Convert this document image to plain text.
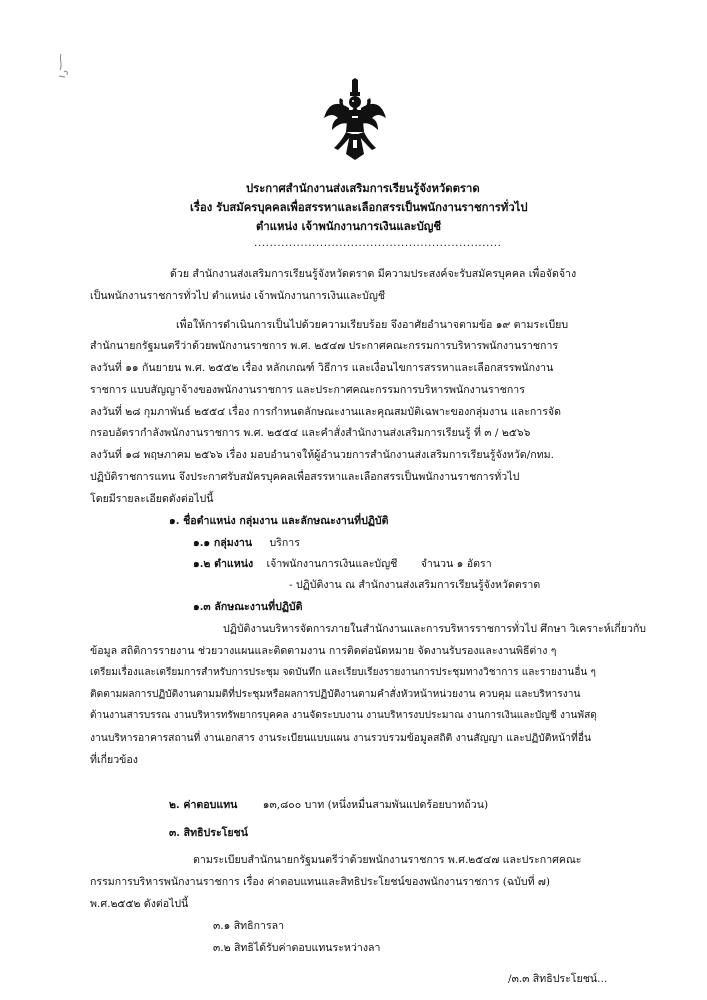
ประกาศสำนักงานส่งเสริมการเรียนรู้จังหวัดตราด
เรื่อง รับสมัครบุคคลเพื่อสรรหาและเลือกสรรเป็นพนักงานราชการทั่วไป
ตำแหน่ง เจ้าพนักงานการเงินและบัญชี
................................................................
ด้วย สำนักงานส่งเสริมการเรียนรู้จังหวัดตราด มีความประสงค์จะรับสมัครบุคคล เพื่อจัดจ้าง
เป็นพนักงานราชการทั่วไป ตำแหน่ง เจ้าพนักงานการเงินและบัญชี
เพื่อให้การดำเนินการเป็นไปด้วยความเรียบร้อย จึงอาศัยอำนาจตามข้อ ๑๙ ตามระเบียบ
สำนักนายกรัฐมนตรีว่าด้วยพนักงานราชการ พ.ศ. ๒๕๔๗ ประกาศคณะกรรมการบริหารพนักงานราชการ
ลงวันที่ ๑๑ กันยายน พ.ศ. ๒๕๕๒ เรื่อง หลักเกณฑ์ วิธีการ และเงื่อนไขการสรรหาและเลือกสรรพนักงาน
ราชการ แบบสัญญาจ้างของพนักงานราชการ และประกาศคณะกรรมการบริหารพนักงานราชการ
ลงวันที่ ๒๘ กุมภาพันธ์ ๒๕๕๔ เรื่อง การกำหนดลักษณะงานและคุณสมบัติเฉพาะของกลุ่มงาน และการจัด
กรอบอัตรากำลังพนักงานราชการ พ.ศ. ๒๕๕๔ และคำสั่งสำนักงานส่งเสริมการเรียนรู้ ที่ ๓ / ๒๕๖๖
ลงวันที่ ๑๘ พฤษภาคม ๒๕๖๖ เรื่อง มอบอำนาจให้ผู้อำนวยการสำนักงานส่งเสริมการเรียนรู้จังหวัด/กทม.
ปฏิบัติราชการแทน จึงประกาศรับสมัครบุคคลเพื่อสรรหาและเลือกสรรเป็นพนักงานราชการทั่วไป
โดยมีรายละเอียดดังต่อไปนี้
๑. ชื่อตำแหน่ง กลุ่มงาน และลักษณะงานที่ปฏิบัติ
๑.๑ กลุ่มงาน บริการ
๑.๒ ตำแหน่ง เจ้าพนักงานการเงินและบัญชี จำนวน ๑ อัตรา
- ปฏิบัติงาน ณ สำนักงานส่งเสริมการเรียนรู้จังหวัดตราด
๑.๓ ลักษณะงานที่ปฏิบัติ
ปฏิบัติงานบริหารจัดการภายในสำนักงานและการบริหารราชการทั่วไป ศึกษา วิเคราะห์เกี่ยวกับ
ข้อมูล สถิติการรายงาน ช่วยวางแผนและติดตามงาน การติดต่อนัดหมาย จัดงานรับรองและงานพิธีต่าง ๆ
เตรียมเรื่องและเตรียมการสำหรับการประชุม จดบันทึก และเรียบเรียงรายงานการประชุมทางวิชาการ และรายงานอื่น ๆ
ติดตามผลการปฏิบัติงานตามมติที่ประชุมหรือผลการปฏิบัติงานตามคำสั่งหัวหน้าหน่วยงาน ควบคุม และบริหารงาน
ด้านงานสารบรรณ งานบริหารทรัพยากรบุคคล งานจัดระบบงาน งานบริหารงบประมาณ งานการเงินและบัญชี งานพัสดุ
งานบริหารอาคารสถานที่ งานเอกสาร งานระเบียนแบบแผน งานรวบรวมข้อมูลสถิติ งานสัญญา และปฏิบัติหน้าที่อื่น
ที่เกี่ยวข้อง
๒. ค่าตอบแทน ๑๓,๘๐๐ บาท (หนึ่งหมื่นสามพันแปดร้อยบาทถ้วน)
๓. สิทธิประโยชน์
ตามระเบียบสำนักนายกรัฐมนตรีว่าด้วยพนักงานราชการ พ.ศ.๒๕๔๗ และประกาศคณะ
กรรมการบริหารพนักงานราชการ เรื่อง ค่าตอบแทนและสิทธิประโยชน์ของพนักงานราชการ (ฉบับที่ ๗)
พ.ศ.๒๕๕๒ ดังต่อไปนี้
๓.๑ สิทธิการลา
๓.๒ สิทธิได้รับค่าตอบแทนระหว่างลา
/๓.๓ สิทธิประโยชน์...
